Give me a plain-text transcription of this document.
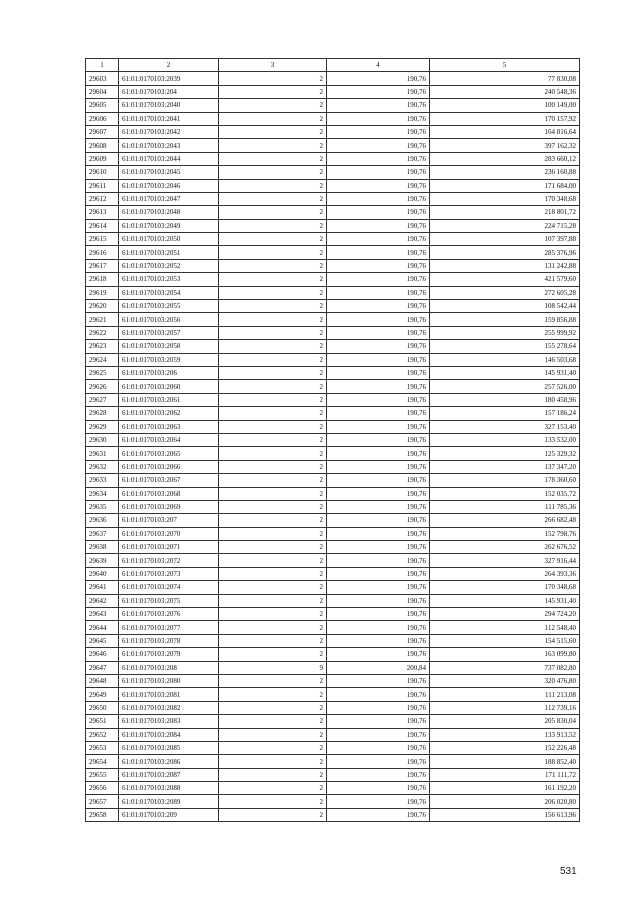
1	2	3	4	5
29603	61:01:0170103:2039	2	190,76	77 830,08
29604	61:01:0170103:204	2	190,76	240 548,36
29605	61:01:0170103:2040	2	190,76	100 149,00
29606	61:01:0170103:2041	2	190,76	170 157,92
29607	61:01:0170103:2042	2	190,76	164 816,64
29608	61:01:0170103:2043	2	190,76	397 162,32
29609	61:01:0170103:2044	2	190,76	283 660,12
29610	61:01:0170103:2045	2	190,76	236 160,88
29611	61:01:0170103:2046	2	190,76	171 684,00
29612	61:01:0170103:2047	2	190,76	170 348,68
29613	61:01:0170103:2048	2	190,76	218 801,72
29614	61:01:0170103:2049	2	190,76	224 715,28
29615	61:01:0170103:2050	2	190,76	107 397,88
29616	61:01:0170103:2051	2	190,76	285 376,96
29617	61:01:0170103:2052	2	190,76	131 242,88
29618	61:01:0170103:2053	2	190,76	421 579,60
29619	61:01:0170103:2054	2	190,76	272 605,28
29620	61:01:0170103:2055	2	190,76	108 542,44
29621	61:01:0170103:2056	2	190,76	159 856,88
29622	61:01:0170103:2057	2	190,76	255 999,92
29623	61:01:0170103:2058	2	190,76	155 278,64
29624	61:01:0170103:2059	2	190,76	146 503,68
29625	61:01:0170103:206	2	190,76	145 931,40
29626	61:01:0170103:2060	2	190,76	257 526,00
29627	61:01:0170103:2061	2	190,76	180 458,96
29628	61:01:0170103:2062	2	190,76	157 186,24
29629	61:01:0170103:2063	2	190,76	327 153,40
29630	61:01:0170103:2064	2	190,76	133 532,00
29631	61:01:0170103:2065	2	190,76	125 329,32
29632	61:01:0170103:2066	2	190,76	137 347,20
29633	61:01:0170103:2067	2	190,76	178 360,60
29634	61:01:0170103:2068	2	190,76	152 035,72
29635	61:01:0170103:2069	2	190,76	111 785,36
29636	61:01:0170103:207	2	190,76	266 682,48
29637	61:01:0170103:2070	2	190,76	152 798,76
29638	61:01:0170103:2071	2	190,76	262 676,52
29639	61:01:0170103:2072	2	190,76	327 916,44
29640	61:01:0170103:2073	2	190,76	264 393,36
29641	61:01:0170103:2074	2	190,76	170 348,68
29642	61:01:0170103:2075	2	190,76	145 931,40
29643	61:01:0170103:2076	2	190,76	294 724,20
29644	61:01:0170103:2077	2	190,76	112 548,40
29645	61:01:0170103:2078	2	190,76	154 515,60
29646	61:01:0170103:2079	2	190,76	163 099,80
29647	61:01:0170103:208	9	200,84	737 082,80
29648	61:01:0170103:2080	2	190,76	320 476,80
29649	61:01:0170103:2081	2	190,76	111 213,08
29650	61:01:0170103:2082	2	190,76	112 739,16
29651	61:01:0170103:2083	2	190,76	205 830,04
29652	61:01:0170103:2084	2	190,76	133 913,52
29653	61:01:0170103:2085	2	190,76	152 226,48
29654	61:01:0170103:2086	2	190,76	188 852,40
29655	61:01:0170103:2087	2	190,76	171 111,72
29656	61:01:0170103:2088	2	190,76	161 192,20
29657	61:01:0170103:2089	2	190,76	206 020,80
29658	61:01:0170103:209	2	190,76	156 613,96
531
